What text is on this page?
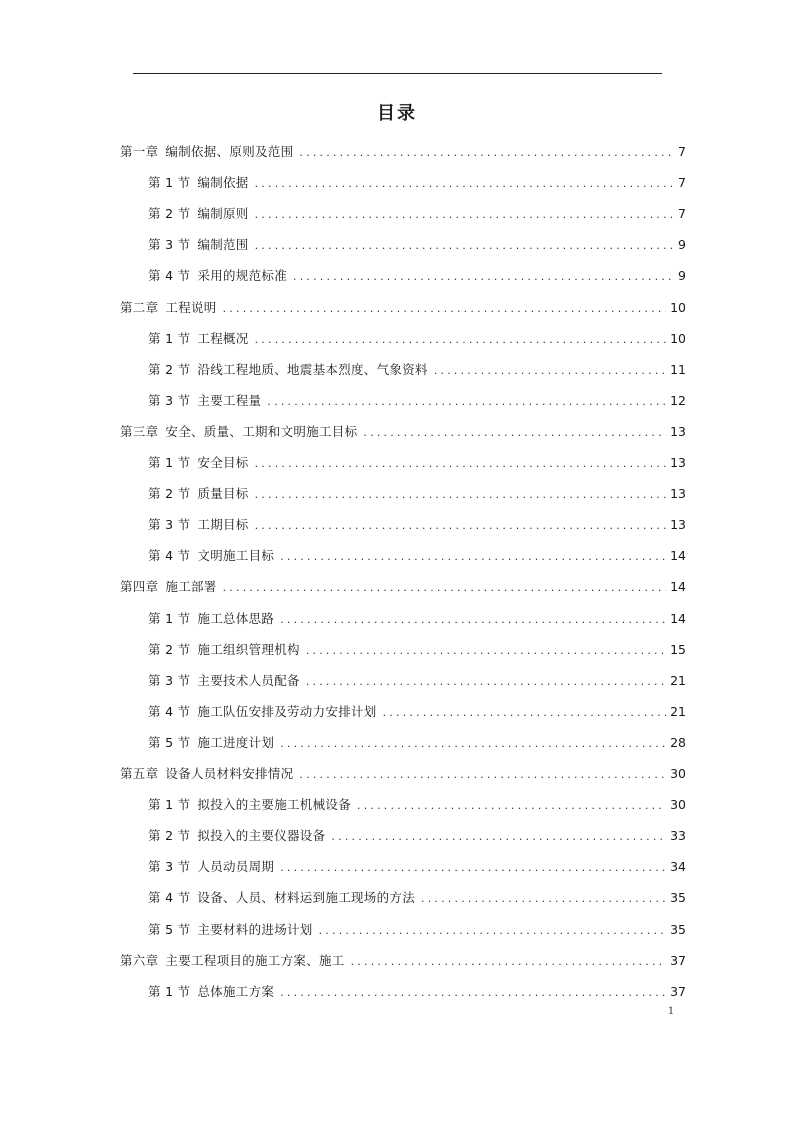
目录
第一章 编制依据、原则及范围 .....	7
第 1 节 编制依据 .....	7
第 2 节 编制原则 .....	7
第 3 节 编制范围 .....	9
第 4 节 采用的规范标准 .....	9
第二章 工程说明 .....	10
第 1 节 工程概况 .....	10
第 2 节 沿线工程地质、地震基本烈度、气象资料 .....	11
第 3 节 主要工程量 .....	12
第三章 安全、质量、工期和文明施工目标 .....	13
第 1 节 安全目标 .....	13
第 2 节 质量目标 .....	13
第 3 节 工期目标 .....	13
第 4 节 文明施工目标 .....	14
第四章 施工部署 .....	14
第 1 节 施工总体思路 .....	14
第 2 节 施工组织管理机构 .....	15
第 3 节 主要技术人员配备 .....	21
第 4 节 施工队伍安排及劳动力安排计划 .....	21
第 5 节 施工进度计划 .....	28
第五章 设备人员材料安排情况 .....	30
第 1 节 拟投入的主要施工机械设备 .....	30
第 2 节 拟投入的主要仪器设备 .....	33
第 3 节 人员动员周期 .....	34
第 4 节 设备、人员、材料运到施工现场的方法 .....	35
第 5 节 主要材料的进场计划 .....	35
第六章 主要工程项目的施工方案、施工 .....	37
第 1 节 总体施工方案 .....	37
1
